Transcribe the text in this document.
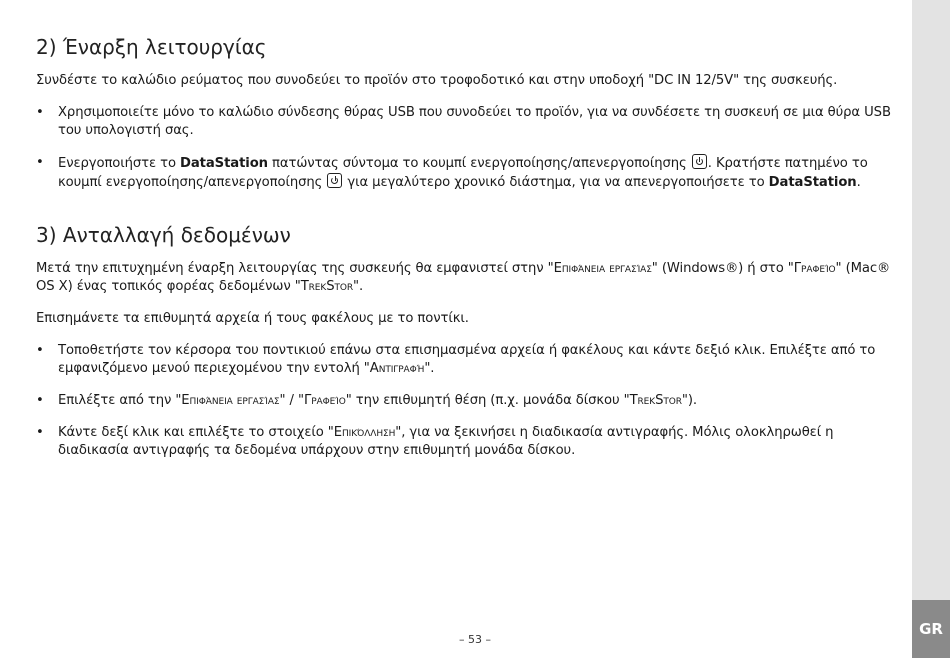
GR
2) Έναρξη λειτουργίας

Συνδέστε το καλώδιο ρεύματος που συνοδεύει το προϊόν στο τροφοδοτικό και στην υποδοχή "DC IN 12/5V" της συσκευής.

• Χρησιμοποιείτε μόνο το καλώδιο σύνδεσης θύρας USB που συνοδεύει το προϊόν, για να συνδέσετε τη συσκευή σε μια θύρα USB του υπολογιστή σας.
• Ενεργοποιήστε το DataStation πατώντας σύντομα το κουμπί ενεργοποίησης/απενεργοποίησης . Κρατήστε πατημένο το κουμπί ενεργοποίησης/απενεργοποίησης  για μεγαλύτερο χρονικό διάστημα, για να απενεργοποιήσετε το DataStation.
3) Ανταλλαγή δεδομένων

Μετά την επιτυχημένη έναρξη λειτουργίας της συσκευής θα εμφανιστεί στην "Επιφάνεια εργασίας" (Windows®) ή στο "Γραφείο" (Mac® OS X) ένας τοπικός φορέας δεδομένων "TrekStor".

Επισημάνετε τα επιθυμητά αρχεία ή τους φακέλους με το ποντίκι.

• Τοποθετήστε τον κέρσορα του ποντικιού επάνω στα επισημασμένα αρχεία ή φακέλους και κάντε δεξιό κλικ. Επιλέξτε από το εμφανιζόμενο μενού περιεχομένου την εντολή "Αντιγραφή".
• Επιλέξτε από την "Επιφάνεια εργασίας" / "Γραφείο" την επιθυμητή θέση (π.χ. μονάδα δίσκου "TrekStor").
• Κάντε δεξί κλικ και επιλέξτε το στοιχείο "Επικόλληση", για να ξεκινήσει η διαδικασία αντιγραφής. Μόλις ολοκληρωθεί η διαδικασία αντιγραφής τα δεδομένα υπάρχουν στην επιθυμητή μονάδα δίσκου.
– 53 –
